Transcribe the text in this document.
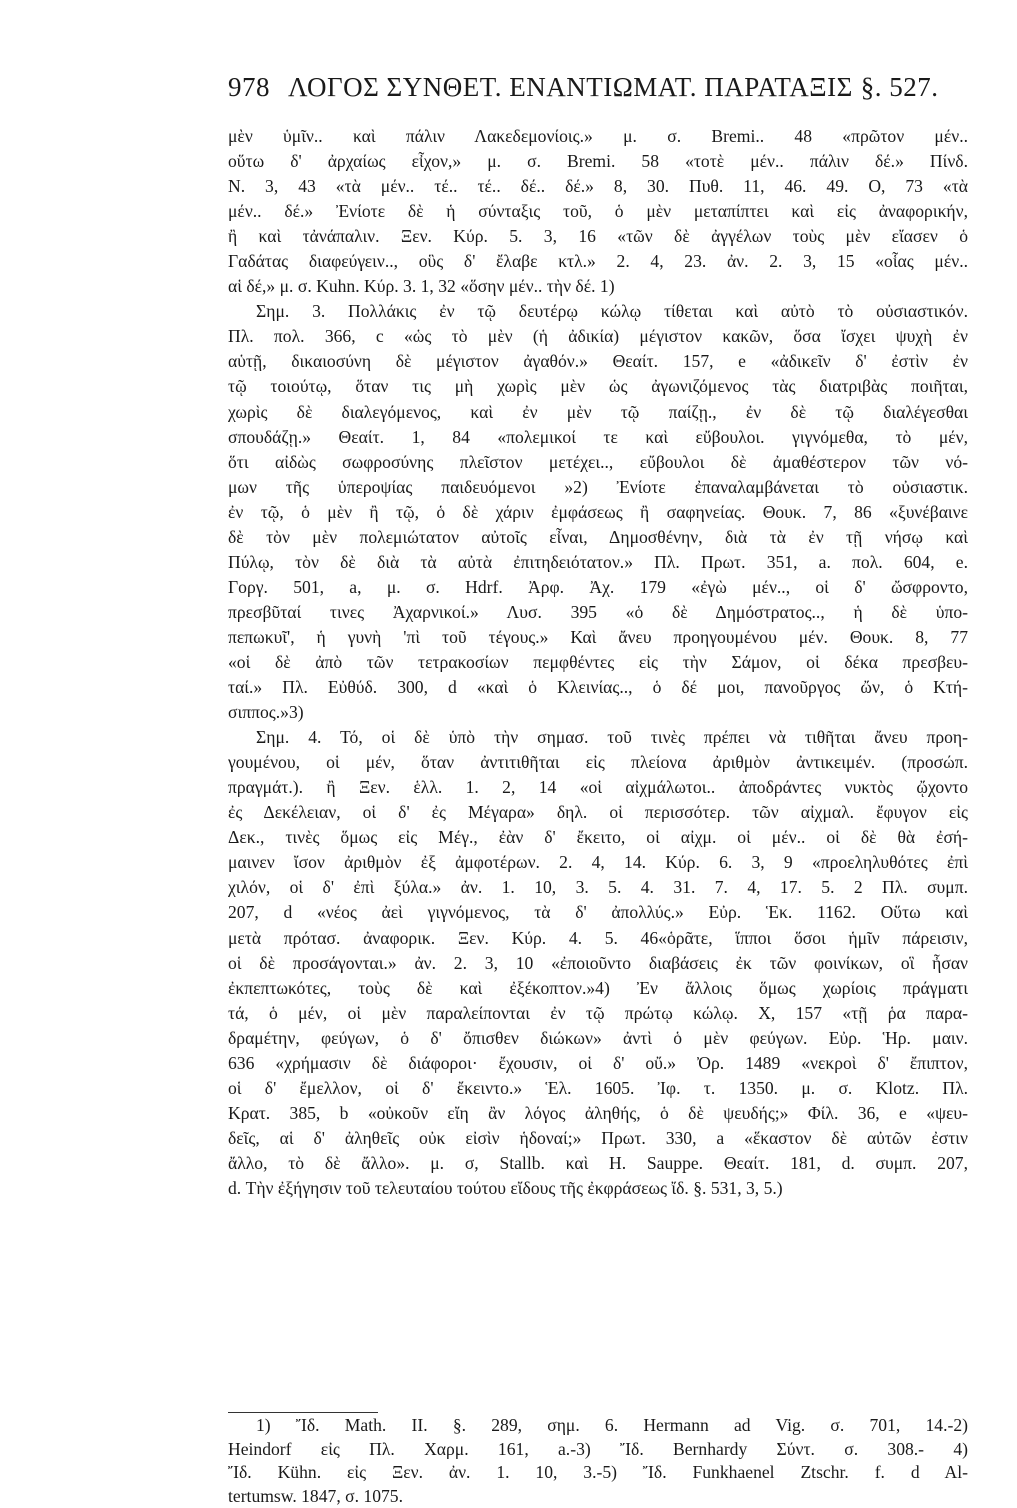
978 ΛΟΓΟΣ ΣΥΝΘΕΤ. ΕΝΑΝΤΙΩΜΑΤ. ΠΑΡΑΤΑΞΙΣ §. 527.
μὲν ὑμῖν.. καὶ πάλιν Λακεδεμονίοις.» μ. σ. Bremi.. 48 «πρῶτον μέν..
οὕτω δ' ἀρχαίως εἶχον,» μ. σ. Bremi. 58 «τοτὲ μέν.. πάλιν δέ.» Πίνδ.
Ν. 3, 43 «τὰ μέν.. τέ.. τέ.. δέ.. δέ.» 8, 30. Πυθ. 11, 46. 49. Ο, 73 «τὰ
μέν.. δέ.» Ἐνίοτε δὲ ἡ σύνταξις τοῦ, ὁ μὲν μεταπίπτει καὶ εἰς ἀναφορικήν,
ἢ καὶ τἀνάπαλιν. Ξεν. Κύρ. 5. 3, 16 «τῶν δὲ ἀγγέλων τοὺς μὲν εἴασεν ὁ
Γαδάτας διαφεύγειν.., οὓς δ' ἔλαβε κτλ.» 2. 4, 23. ἀν. 2. 3, 15 «οἷας μέν..
αἱ δέ,» μ. σ. Kuhn. Κύρ. 3. 1, 32 «ὅσην μέν.. τὴν δέ. 1)
Σημ. 3. Πολλάκις ἐν τῷ δευτέρῳ κώλῳ τίθεται καὶ αὐτὸ τὸ οὐσιαστικόν.
Πλ. πολ. 366, c «ὡς τὸ μὲν (ἡ ἀδικία) μέγιστον κακῶν, ὅσα ἴσχει ψυχὴ ἐν
αὑτῇ, δικαιοσύνη δὲ μέγιστον ἀγαθόν.» Θεαίτ. 157, e «ἀδικεῖν δ' ἐστὶν ἐν
τῷ τοιούτῳ, ὅταν τις μὴ χωρὶς μὲν ὡς ἀγωνιζόμενος τὰς διατριβὰς ποιῆται,
χωρὶς δὲ διαλεγόμενος, καὶ ἐν μὲν τῷ παίζῃ., ἐν δὲ τῷ διαλέγεσθαι
σπουδάζῃ.» Θεαίτ. 1, 84 «πολεμικοί τε καὶ εὔβουλοι. γιγνόμεθα, τὸ μέν,
ὅτι αἰδὼς σωφροσύνης πλεῖστον μετέχει.., εὔβουλοι δὲ ἀμαθέστερον τῶν νό-
μων τῆς ὑπεροψίας παιδευόμενοι »2) Ἐνίοτε ἐπαναλαμβάνεται τὸ οὐσιαστικ.
ἐν τῷ, ὁ μὲν ἢ τῷ, ὁ δὲ χάριν ἐμφάσεως ἢ σαφηνείας. Θουκ. 7, 86 «ξυνέβαινε
δὲ τὸν μὲν πολεμιώτατον αὐτοῖς εἶναι, Δημοσθένην, διὰ τὰ ἐν τῇ νήσῳ καὶ
Πύλῳ, τὸν δὲ διὰ τὰ αὐτὰ ἐπιτηδειότατον.» Πλ. Πρωτ. 351, a. πολ. 604, e.
Γοργ. 501, a, μ. σ. Hdrf. Ἀρφ. Ἀχ. 179 «ἐγὼ μέν.., οἱ δ' ὤσφροντο,
πρεσβῦταί τινες Ἀχαρνικοί.» Λυσ. 395 «ὁ δὲ Δημόστρατος.., ἡ δὲ ὑπο-
πεπωκυῖ', ἡ γυνὴ 'πὶ τοῦ τέγους.» Καὶ ἄνευ προηγουμένου μέν. Θουκ. 8, 77
«οἱ δὲ ἀπὸ τῶν τετρακοσίων πεμφθέντες εἰς τὴν Σάμον, οἱ δέκα πρεσβευ-
ταί.» Πλ. Εὐθύδ. 300, d «καὶ ὁ Κλεινίας.., ὁ δέ μοι, πανοῦργος ὤν, ὁ Κτή-
σιππος.»3)
Σημ. 4. Τό, οἱ δὲ ὑπὸ τὴν σημασ. τοῦ τινὲς πρέπει νὰ τιθῆται ἄνευ προη-
γουμένου, οἱ μέν, ὅταν ἀντιτιθῆται εἰς πλείονα ἀριθμὸν ἀντικειμέν. (προσώπ.
πραγμάτ.). ἢ Ξεν. ἑλλ. 1. 2, 14 «οἱ αἰχμάλωτοι.. ἀποδράντες νυκτὸς ᾤχοντο
ἐς Δεκέλειαν, οἱ δ' ἐς Μέγαρα» δηλ. οἱ περισσότερ. τῶν αἰχμαλ. ἔφυγον εἰς
Δεκ., τινὲς ὅμως εἰς Μέγ., ἐὰν δ' ἔκειτο, οἱ αἰχμ. οἱ μέν.. οἱ δὲ θὰ ἐσή-
μαινεν ἴσον ἀριθμὸν ἐξ ἀμφοτέρων. 2. 4, 14. Κύρ. 6. 3, 9 «προεληλυθότες ἐπὶ
χιλόν, οἱ δ' ἐπὶ ξύλα.» ἀν. 1. 10, 3. 5. 4. 31. 7. 4, 17. 5. 2 Πλ. συμπ.
207, d «νέος ἀεὶ γιγνόμενος, τὰ δ' ἀπολλύς.» Εὐρ. Ἑκ. 1162. Οὕτω καὶ
μετὰ πρότασ. ἀναφορικ. Ξεν. Κύρ. 4. 5. 46«ὁρᾶτε, ἵπποι ὅσοι ἡμῖν πάρεισιν,
οἱ δὲ προσάγονται.» ἀν. 2. 3, 10 «ἐποιοῦντο διαβάσεις ἐκ τῶν φοινίκων, οἳ ἦσαν
ἐκπεπτωκότες, τοὺς δὲ καὶ ἐξέκοπτον.»4) Ἐν ἄλλοις ὅμως χωρίοις πράγματι
τά, ὁ μέν, οἱ μὲν παραλείπονται ἐν τῷ πρώτῳ κώλῳ. Χ, 157 «τῇ ῥα παρα-
δραμέτην, φεύγων, ὁ δ' ὄπισθεν διώκων» ἀντὶ ὁ μὲν φεύγων. Εὐρ. Ἡρ. μαιν.
636 «χρήμασιν δὲ διάφοροι· ἔχουσιν, οἱ δ' οὔ.» Ὀρ. 1489 «νεκροὶ δ' ἔπιπτον,
οἱ δ' ἔμελλον, οἱ δ' ἔκειντο.» Ἑλ. 1605. Ἰφ. τ. 1350. μ. σ. Klotz. Πλ.
Κρατ. 385, b «οὐκοῦν εἴη ἂν λόγος ἀληθής, ὁ δὲ ψευδής;» Φίλ. 36, e «ψευ-
δεῖς, αἱ δ' ἀληθεῖς οὐκ εἰσὶν ἡδοναί;» Πρωτ. 330, a «ἕκαστον δὲ αὐτῶν ἐστιν
ἄλλο, τὸ δὲ ἄλλο». μ. σ, Stallb. καὶ H. Sauppe. Θεαίτ. 181, d. συμπ. 207,
d. Τὴν ἐξήγησιν τοῦ τελευταίου τούτου εἴδους τῆς ἐκφράσεως ἴδ. §. 531, 3, 5.)
1) Ἴδ. Math. II. §. 289, σημ. 6. Hermann ad Vig. σ. 701, 14.-2)
Heindorf εἰς Πλ. Χαρμ. 161, a.-3) Ἴδ. Bernhardy Σύντ. σ. 308.- 4)
Ἴδ. Kühn. εἰς Ξεν. ἀν. 1. 10, 3.-5) Ἴδ. Funkhaenel Ztschr. f. d Al-
tertumsw. 1847, σ. 1075.
